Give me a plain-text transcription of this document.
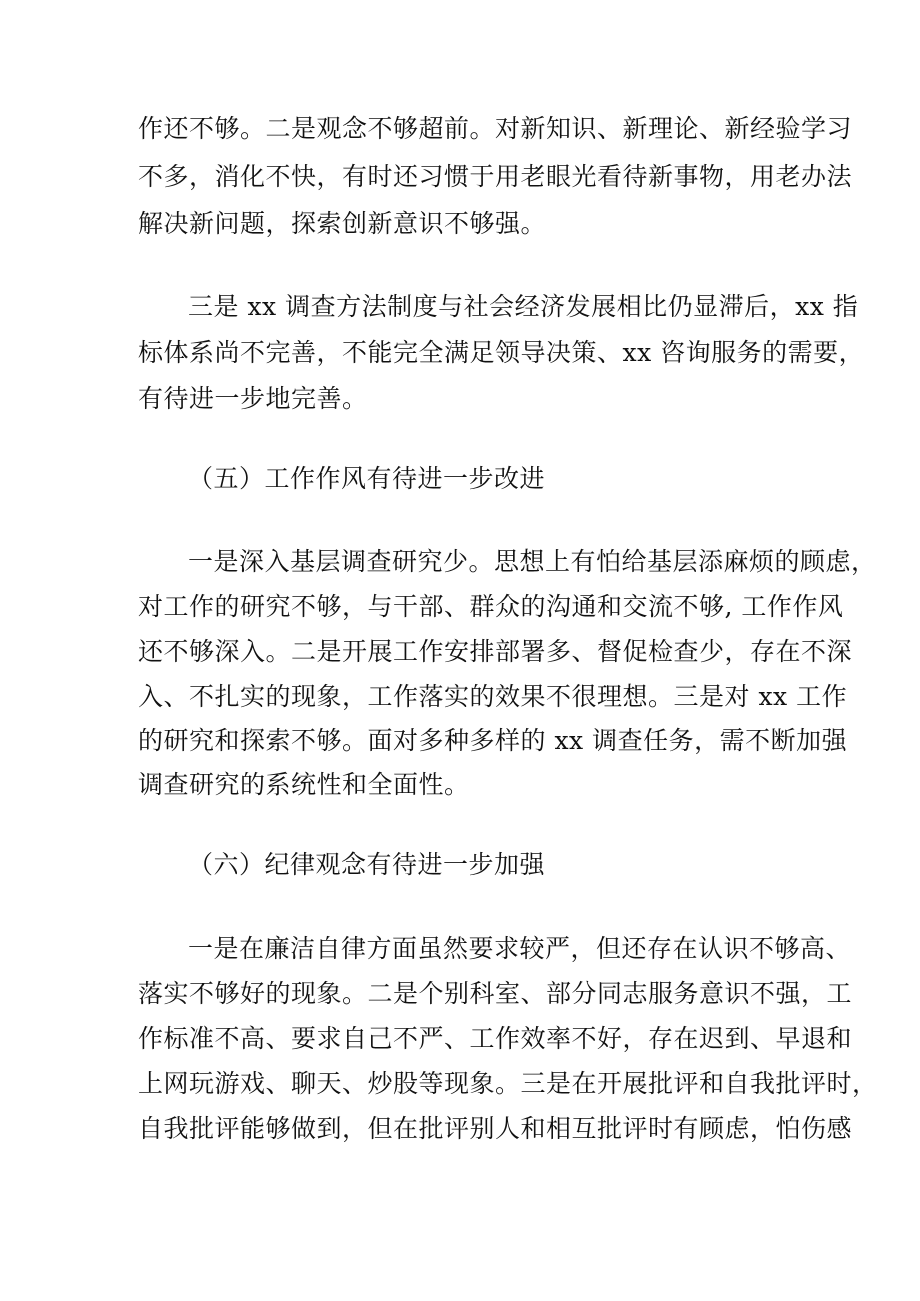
作还不够。二是观念不够超前。对新知识、新理论、新经验学习
不多，消化不快，有时还习惯于用老眼光看待新事物，用老办法
解决新问题，探索创新意识不够强。
三是 xx 调查方法制度与社会经济发展相比仍显滞后，xx 指
标体系尚不完善，不能完全满足领导决策、xx 咨询服务的需要，
有待进一步地完善。
（五）工作作风有待进一步改进
一是深入基层调查研究少。思想上有怕给基层添麻烦的顾虑，
对工作的研究不够，与干部、群众的沟通和交流不够, 工作作风
还不够深入。二是开展工作安排部署多、督促检查少，存在不深
入、不扎实的现象，工作落实的效果不很理想。三是对 xx 工作
的研究和探索不够。面对多种多样的 xx 调查任务，需不断加强
调查研究的系统性和全面性。
（六）纪律观念有待进一步加强
一是在廉洁自律方面虽然要求较严，但还存在认识不够高、
落实不够好的现象。二是个别科室、部分同志服务意识不强，工
作标准不高、要求自己不严、工作效率不好，存在迟到、早退和
上网玩游戏、聊天、炒股等现象。三是在开展批评和自我批评时，
自我批评能够做到，但在批评别人和相互批评时有顾虑，怕伤感
